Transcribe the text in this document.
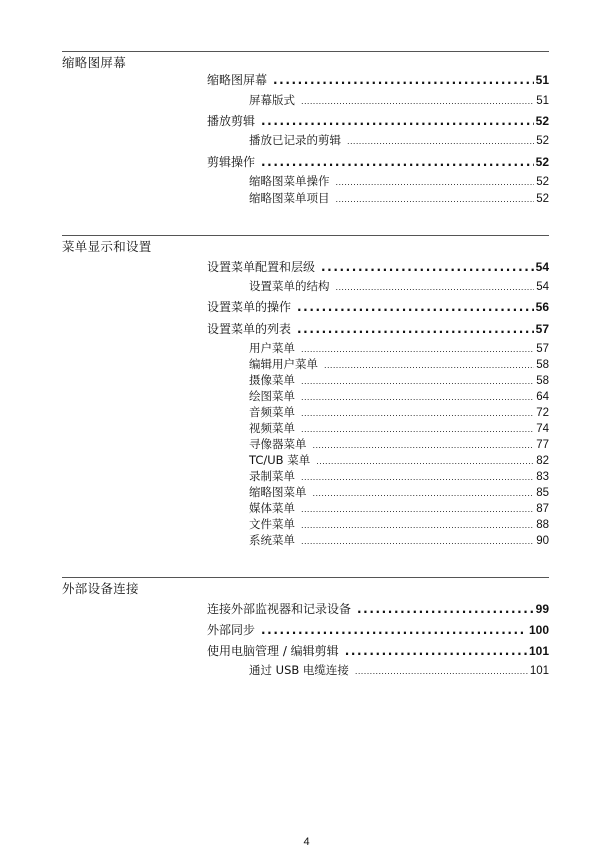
缩略图屏幕
缩略图屏幕 .....	51
屏幕版式 .....	51
播放剪辑 .....	52
播放已记录的剪辑 .....	52
剪辑操作 .....	52
缩略图菜单操作 .....	52
缩略图菜单项目 .....	52
菜单显示和设置
设置菜单配置和层级 .....	54
设置菜单的结构 .....	54
设置菜单的操作 .....	56
设置菜单的列表 .....	57
用户菜单 .....	57
编辑用户菜单 .....	58
摄像菜单 .....	58
绘图菜单 .....	64
音频菜单 .....	72
视频菜单 .....	74
寻像器菜单 .....	77
TC/UB 菜单 .....	82
录制菜单 .....	83
缩略图菜单 .....	85
媒体菜单 .....	87
文件菜单 .....	88
系统菜单 .....	90
外部设备连接
连接外部监视器和记录设备 .....	99
外部同步 .....	100
使用电脑管理 / 编辑剪辑 .....	101
通过 USB 电缆连接 .....	101
4
